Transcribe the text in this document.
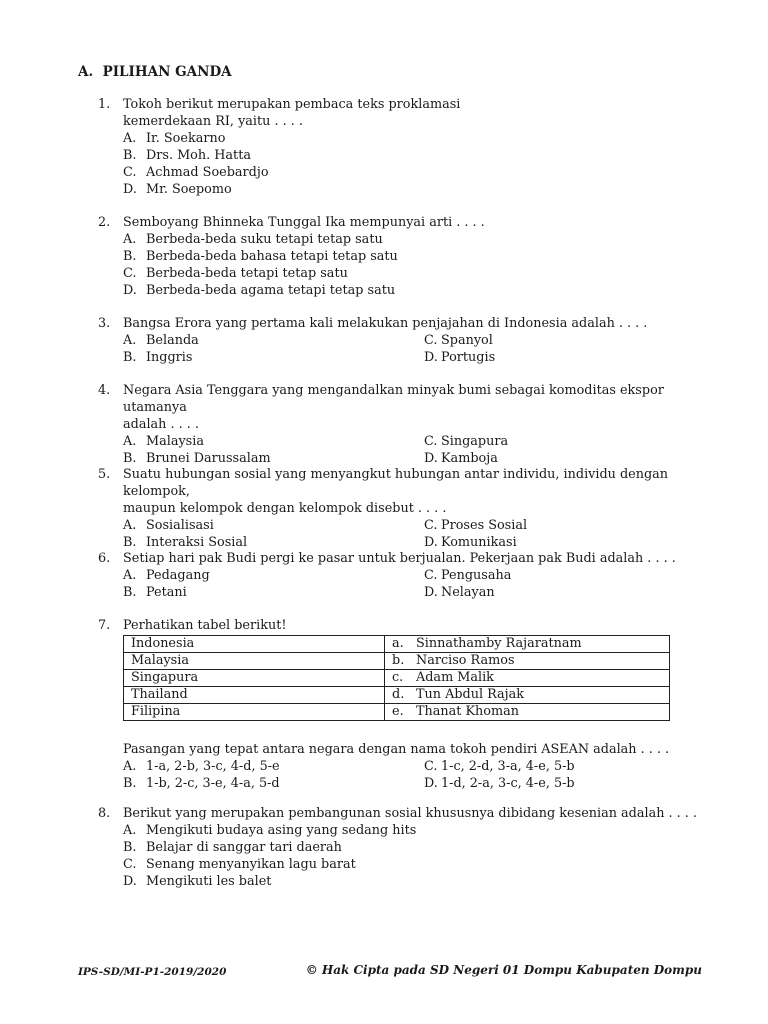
A. PILIHAN GANDA
1. Tokoh berikut merupakan pembaca teks proklamasi
kemerdekaan RI, yaitu . . . .
A. Ir. Soekarno
B. Drs. Moh. Hatta
C. Achmad Soebardjo
D. Mr. Soepomo
2. Semboyang Bhinneka Tunggal Ika mempunyai arti . . . .
A. Berbeda-beda suku tetapi tetap satu
B. Berbeda-beda bahasa tetapi tetap satu
C. Berbeda-beda tetapi tetap satu
D. Berbeda-beda agama tetapi tetap satu
3. Bangsa Erora yang pertama kali melakukan penjajahan di Indonesia adalah . . . .
A. Belanda	C. Spanyol
B. Inggris	D. Portugis
4. Negara Asia Tenggara yang mengandalkan minyak bumi sebagai komoditas ekspor utamanya
adalah . . . .
A. Malaysia	C. Singapura
B. Brunei Darussalam	D. Kamboja
5. Suatu hubungan sosial yang menyangkut hubungan antar individu, individu dengan kelompok,
maupun kelompok dengan kelompok disebut . . . .
A. Sosialisasi	C. Proses Sosial
B. Interaksi Sosial	D. Komunikasi
6. Setiap hari pak Budi pergi ke pasar untuk berjualan. Pekerjaan pak Budi adalah . . . .
A. Pedagang	C. Pengusaha
B. Petani	D. Nelayan
7. Perhatikan tabel berikut!
Indonesia	a. Sinnathamby Rajaratnam
Malaysia	b. Narciso Ramos
Singapura	c. Adam Malik
Thailand	d. Tun Abdul Rajak
Filipina	e. Thanat Khoman
Pasangan yang tepat antara negara dengan nama tokoh pendiri ASEAN adalah . . . .
A. 1-a, 2-b, 3-c, 4-d, 5-e	C. 1-c, 2-d, 3-a, 4-e, 5-b
B. 1-b, 2-c, 3-e, 4-a, 5-d	D. 1-d, 2-a, 3-c, 4-e, 5-b
8. Berikut yang merupakan pembangunan sosial khususnya dibidang kesenian adalah . . . .
A. Mengikuti budaya asing yang sedang hits
B. Belajar di sanggar tari daerah
C. Senang menyanyikan lagu barat
D. Mengikuti les balet
IPS-SD/MI-P1-2019/2020	© Hak Cipta pada SD Negeri 01 Dompu Kabupaten Dompu
